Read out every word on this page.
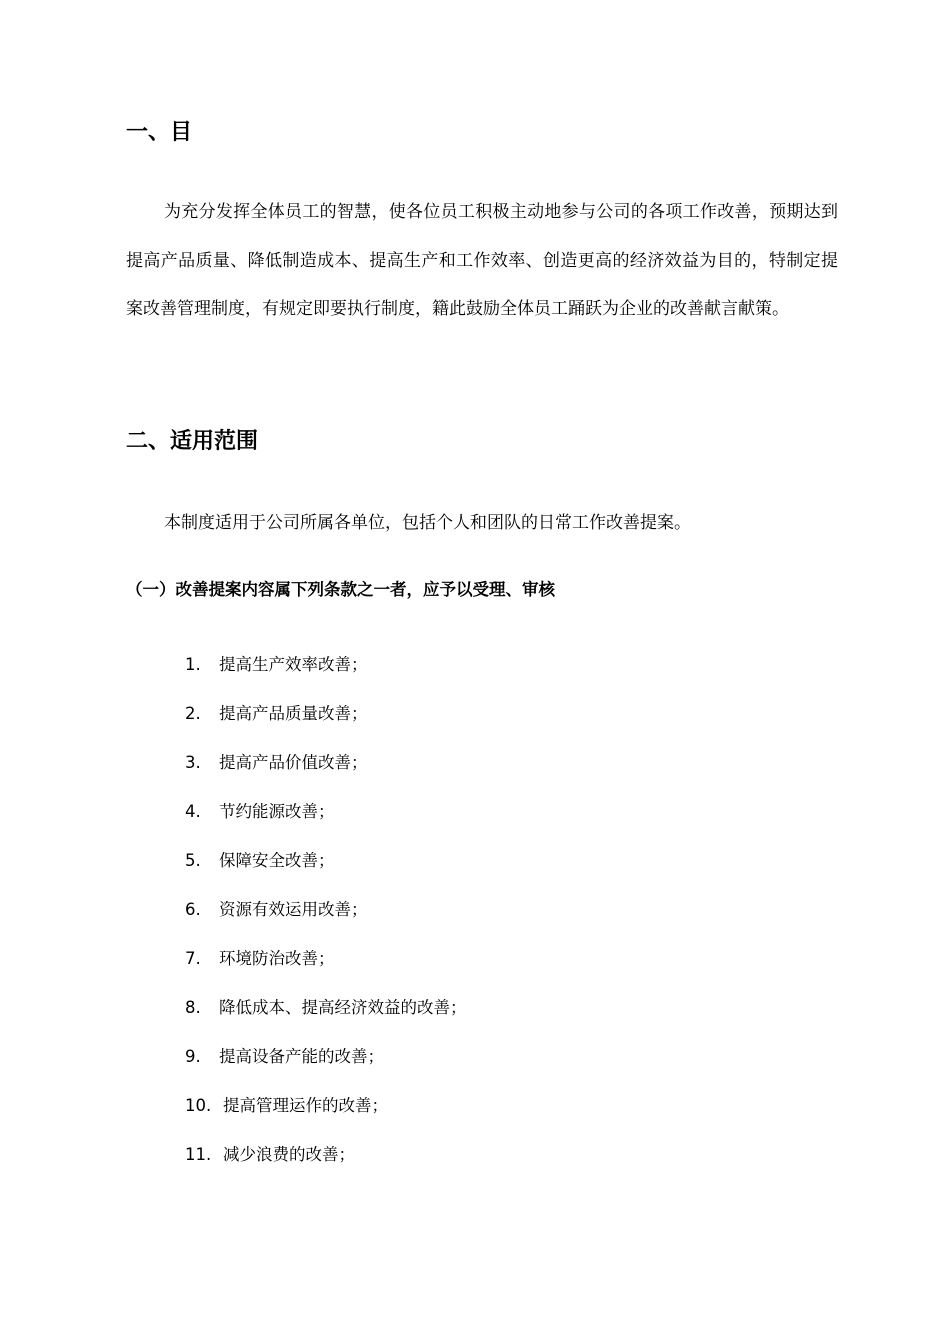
一、目

为充分发挥全体员工的智慧，使各位员工积极主动地参与公司的各项工作改善，预期达到提高产品质量、降低制造成本、提高生产和工作效率、创造更高的经济效益为目的，特制定提案改善管理制度，有规定即要执行制度，籍此鼓励全体员工踊跃为企业的改善献言献策。

二、适用范围

本制度适用于公司所属各单位，包括个人和团队的日常工作改善提案。

（一）改善提案内容属下列条款之一者，应予以受理、审核
1. 提高生产效率改善；
2. 提高产品质量改善；
3. 提高产品价值改善；
4. 节约能源改善；
5. 保障安全改善；
6. 资源有效运用改善；
7. 环境防治改善；
8. 降低成本、提高经济效益的改善；
9. 提高设备产能的改善；
10. 提高管理运作的改善；
11. 减少浪费的改善；
